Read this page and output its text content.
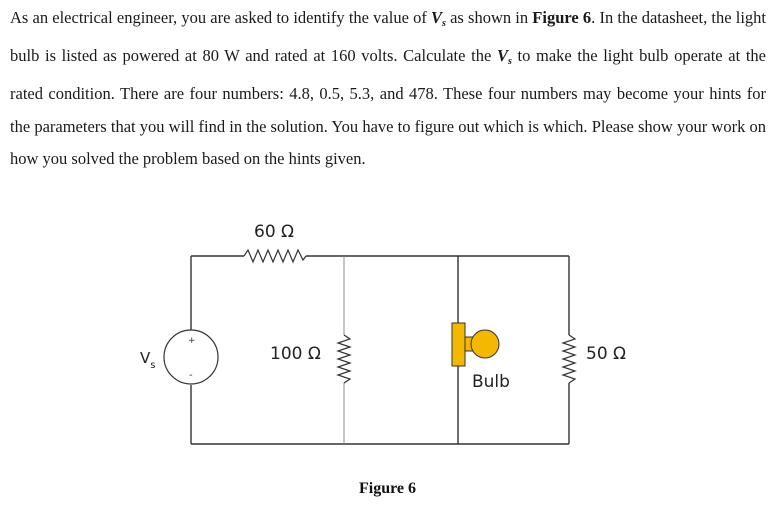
As an electrical engineer, you are asked to identify the value of $V_s$ as shown in Figure 6. In the datasheet, the light bulb is listed as powered at 80 W and rated at 160 volts. Calculate the $V_s$ to make the light bulb operate at the rated condition. There are four numbers: 4.8, 0.5, 5.3, and 478. These four numbers may become your hints for the parameters that you will find in the solution. You have to figure out which is which. Please show your work on how you solved the problem based on the hints given.
60 Ω
100 Ω	50 Ω
Bulb
+
-
$V_s$
Figure 6
